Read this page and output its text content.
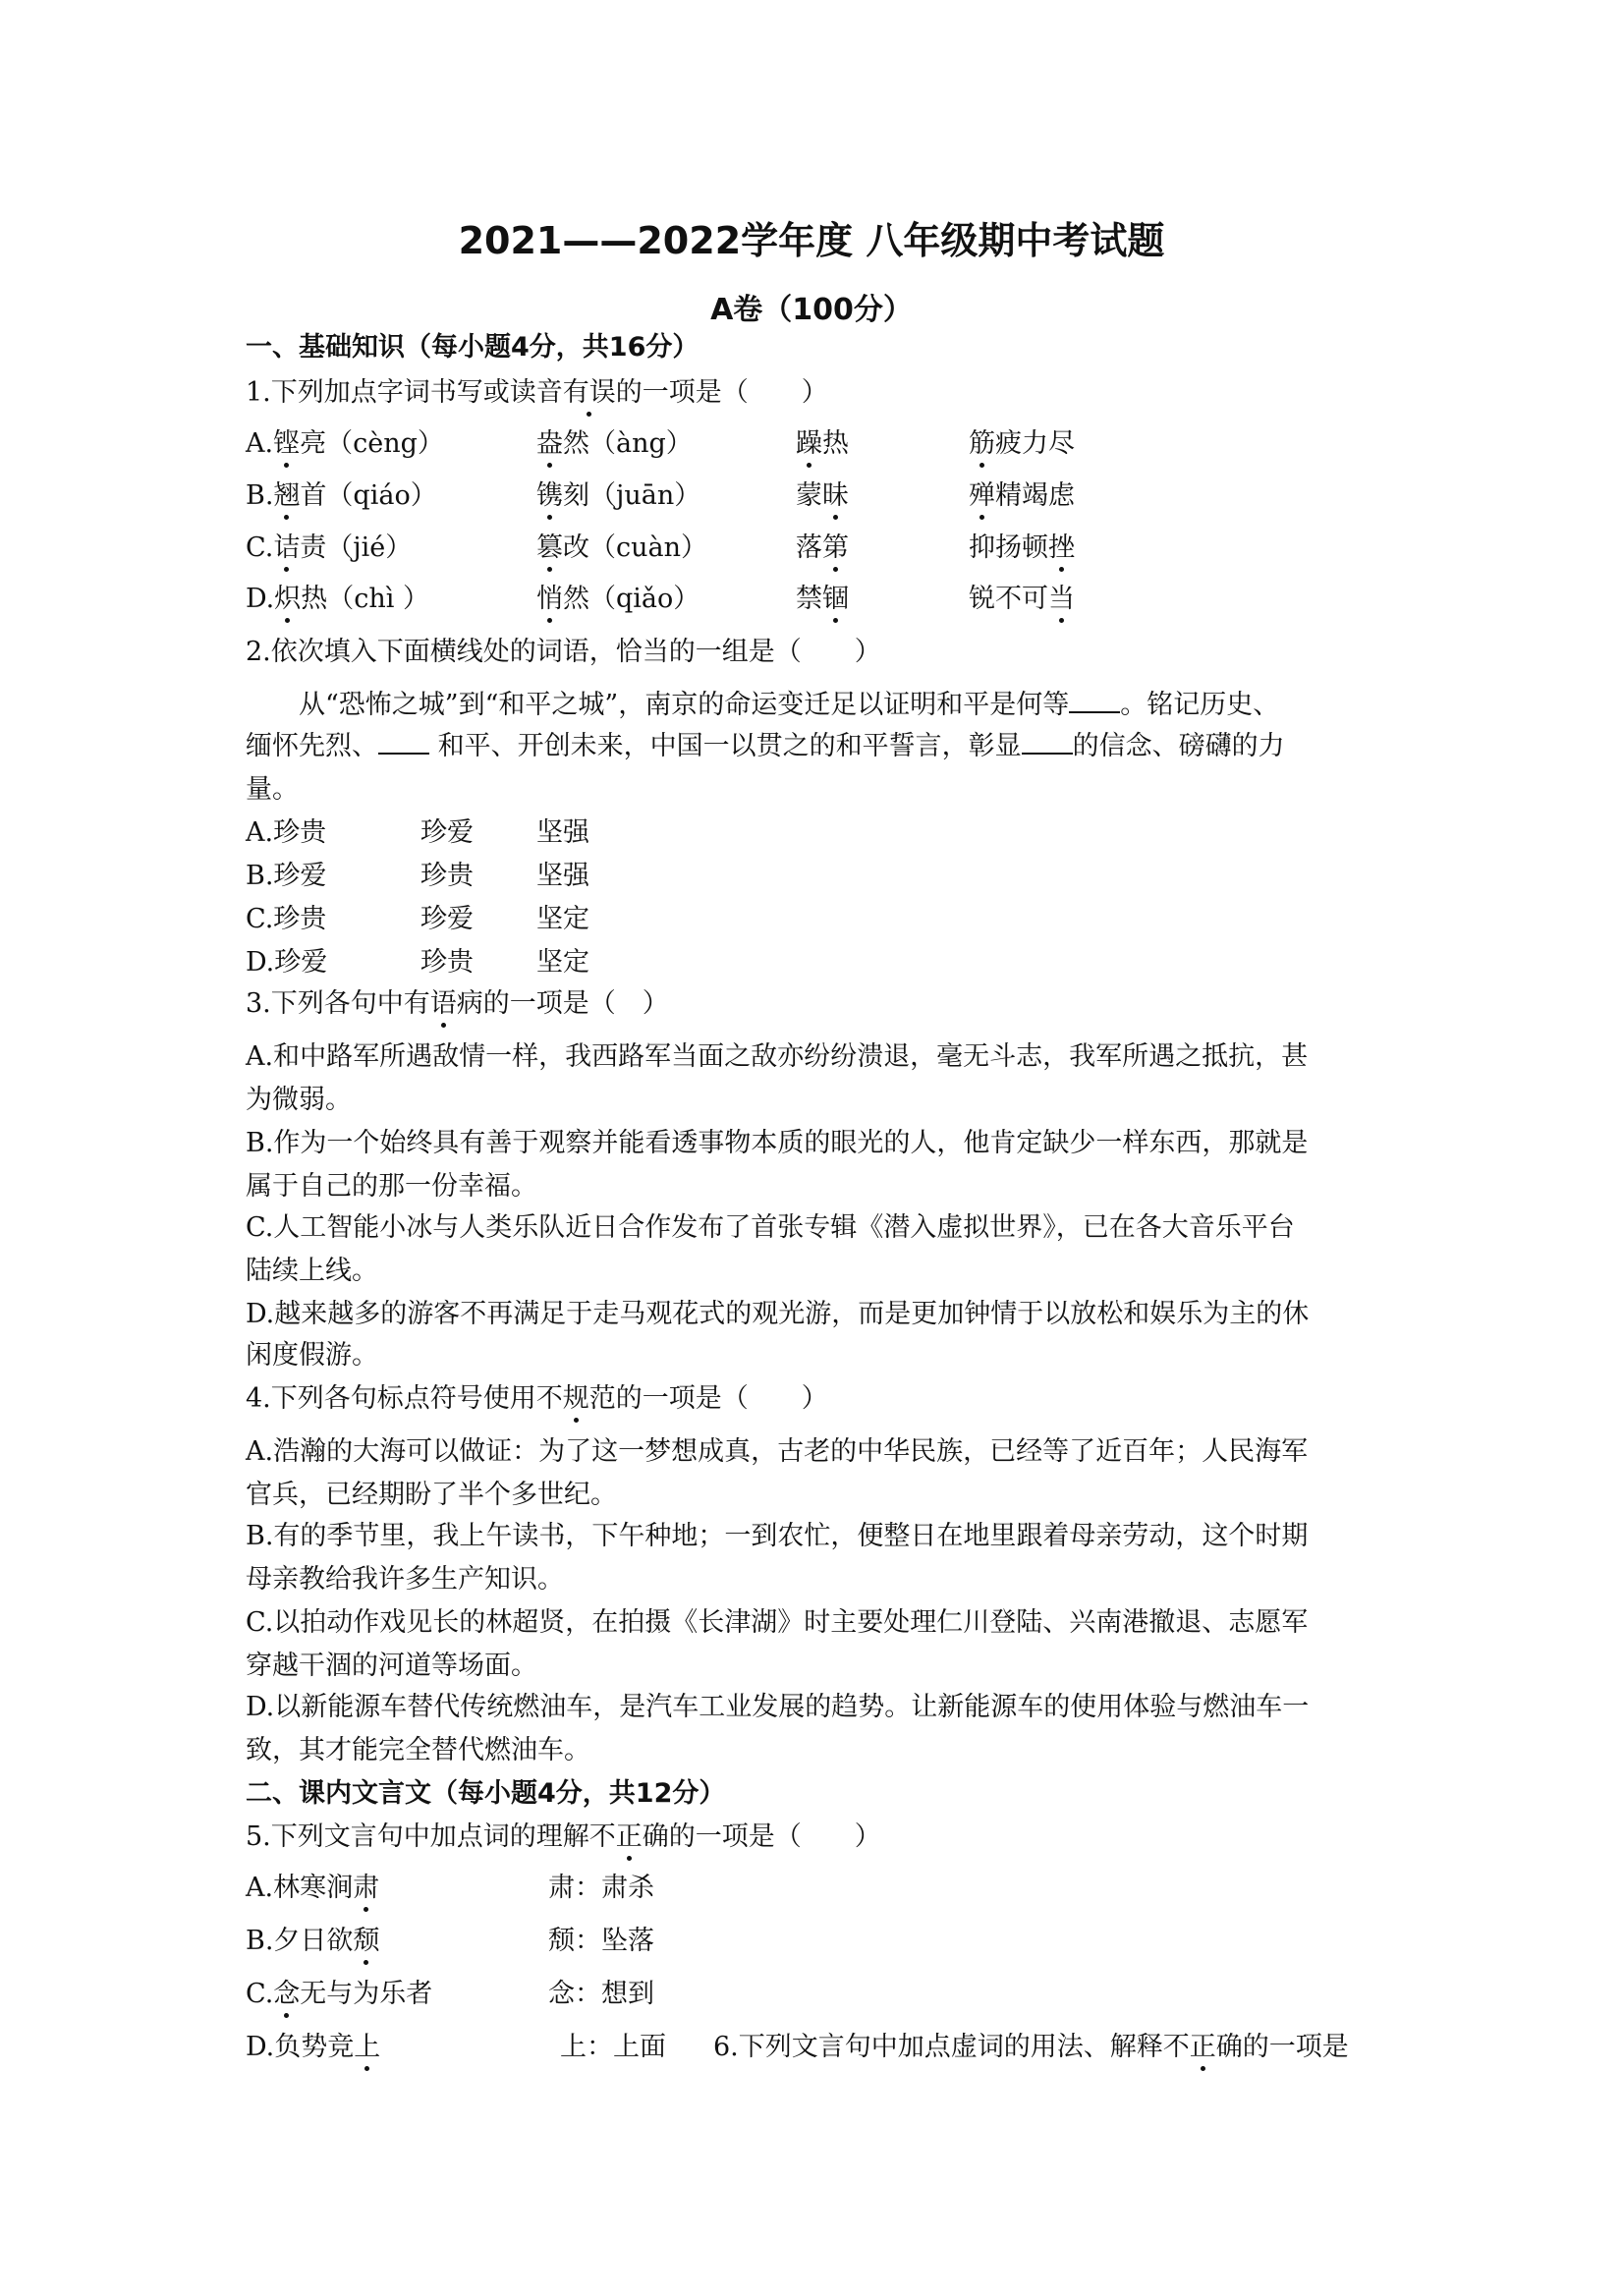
2021——2022学年度 八年级期中考试题
A卷（100分）
一、基础知识（每小题4分，共16分）
1.下列加点字词书写或读音有误的一项是（　　）
A.铿亮（cèng）	盎然（àng）	躁热	筋疲力尽
B.翘首（qiáo）	镌刻（juān）	蒙昧	殚精竭虑
C.诘责（jié）	篡改（cuàn）	落第	抑扬顿挫
D.炽热（chì ）	悄然（qiǎo）	禁锢	锐不可当
2.依次填入下面横线处的词语，恰当的一组是（　　）
从“恐怖之城”到“和平之城”，南京的命运变迁足以证明和平是何等 。铭记历史、
缅怀先烈、 和平、开创未来，中国一以贯之的和平誓言，彰显 的信念、磅礴的力
量。
A.珍贵	珍爱 坚强
B.珍爱	珍贵 坚强
C.珍贵	珍爱 坚定
D.珍爱	珍贵 坚定
3.下列各句中有语病的一项是（　）
A.和中路军所遇敌情一样，我西路军当面之敌亦纷纷溃退，毫无斗志，我军所遇之抵抗，甚
为微弱。
B.作为一个始终具有善于观察并能看透事物本质的眼光的人，他肯定缺少一样东西，那就是
属于自己的那一份幸福。
C.人工智能小冰与人类乐队近日合作发布了首张专辑《潜入虚拟世界》，已在各大音乐平台
陆续上线。
D.越来越多的游客不再满足于走马观花式的观光游，而是更加钟情于以放松和娱乐为主的休
闲度假游。
4.下列各句标点符号使用不规范的一项是（　　）
A.浩瀚的大海可以做证：为了这一梦想成真，古老的中华民族，已经等了近百年；人民海军
官兵，已经期盼了半个多世纪。
B.有的季节里，我上午读书，下午种地；一到农忙，便整日在地里跟着母亲劳动，这个时期
母亲教给我许多生产知识。
C.以拍动作戏见长的林超贤，在拍摄《长津湖》时主要处理仁川登陆、兴南港撤退、志愿军
穿越干涸的河道等场面。
D.以新能源车替代传统燃油车，是汽车工业发展的趋势。让新能源车的使用体验与燃油车一
致，其才能完全替代燃油车。
二、课内文言文（每小题4分，共12分）
5.下列文言句中加点词的理解不正确的一项是（　　）
A.林寒涧肃	肃：肃杀
B.夕日欲颓	颓：坠落
C.念无与为乐者	念：想到
D.负势竞上	上：上面 6.下列文言句中加点虚词的用法、解释不正确的一项是
